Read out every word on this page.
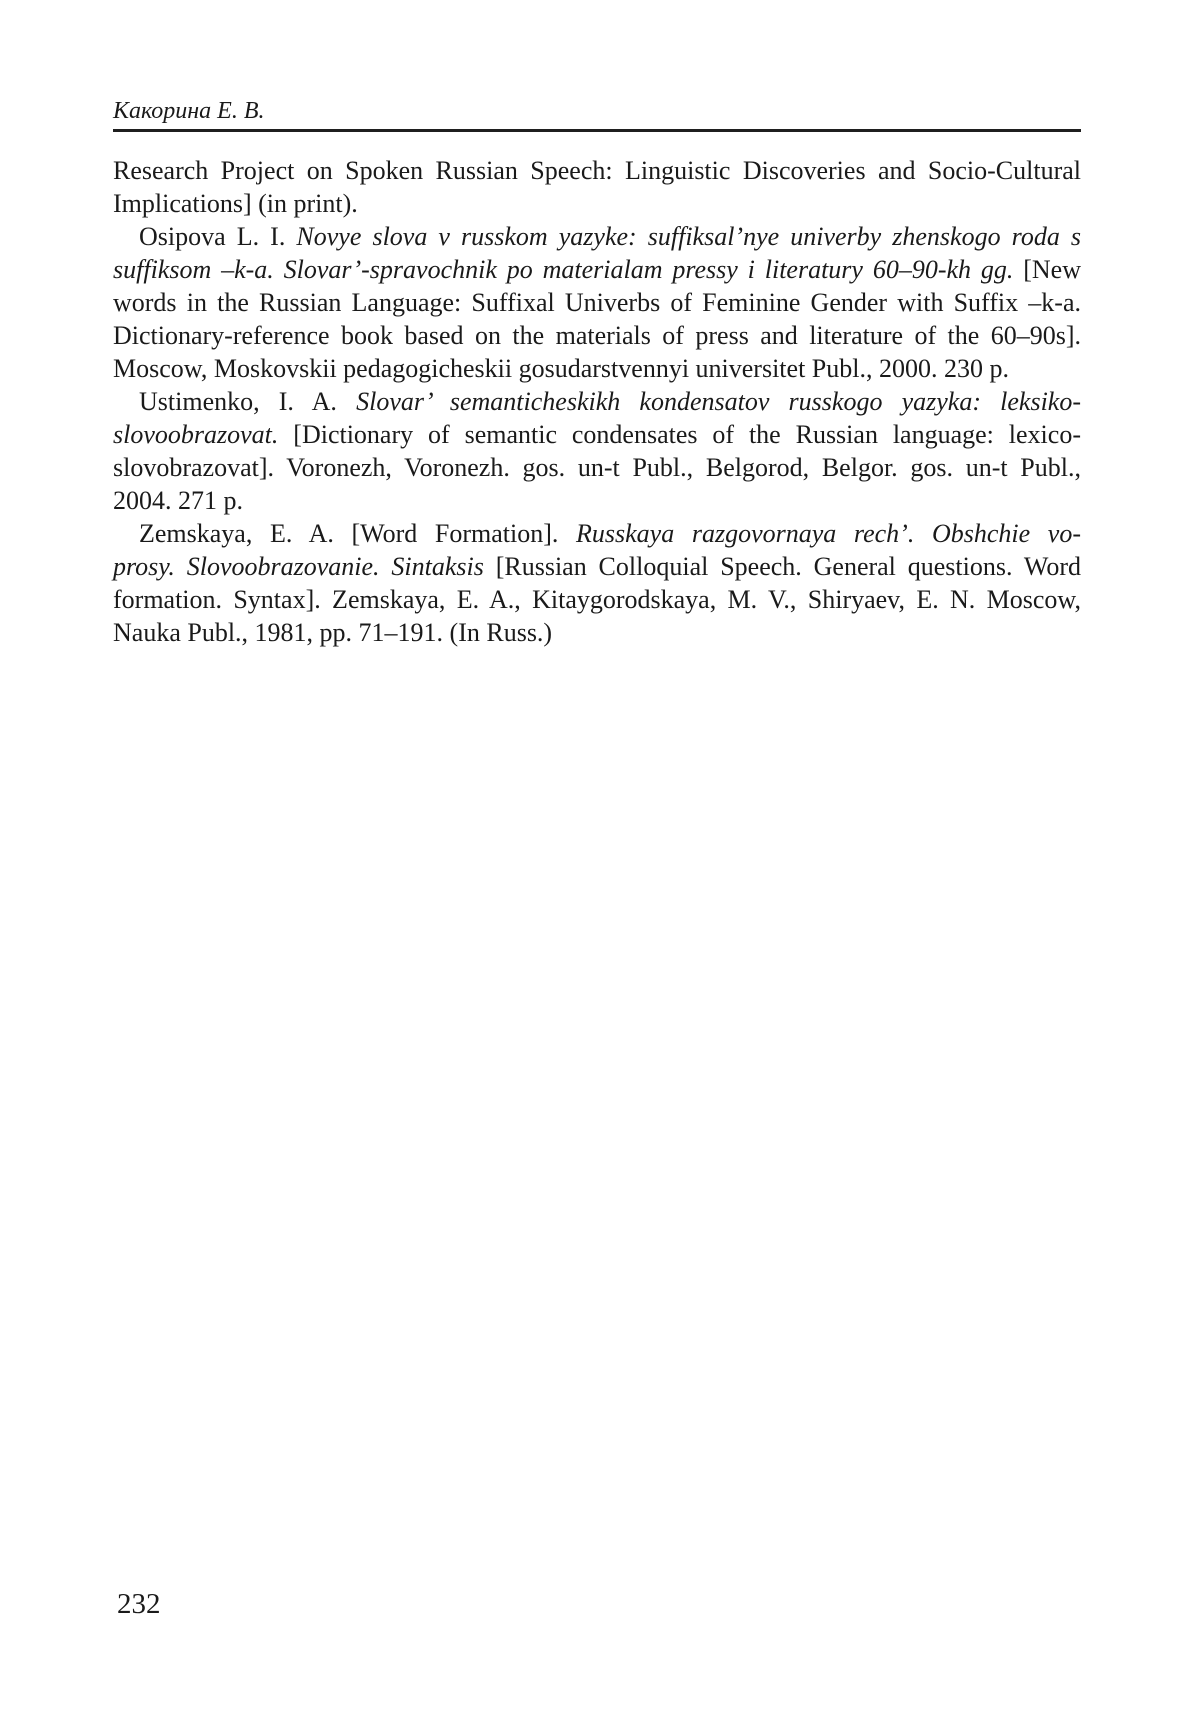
Какорина Е. В.
Research Project on Spoken Russian Speech: Linguistic Discoveries and Socio-Cultural
Implications] (in print).
Osipova L. I. Novye slova v russkom yazyke: suffiksal’nye univerby zhenskogo roda s
suffiksom –k-a. Slovar’-spravochnik po materialam pressy i literatury 60–90-kh gg. [New
words in the Russian Language: Suffixal Univerbs of Feminine Gender with Suffix –k-a.
Dictionary-reference book based on the materials of press and literature of the 60–90s].
Moscow, Moskovskii pedagogicheskii gosudarstvennyi universitet Publ., 2000. 230 p.
Ustimenko, I. A. Slovar’ semanticheskikh kondensatov russkogo yazyka: leksiko-
slovoobrazovat. [Dictionary of semantic condensates of the Russian language: lexico-
slovobrazovat]. Voronezh, Voronezh. gos. un-t Publ., Belgorod, Belgor. gos. un-t Publ.,
2004. 271 p.
Zemskaya, E. A. [Word Formation]. Russkaya razgovornaya rech’. Obshchie vo-
prosy. Slovoobrazovanie. Sintaksis [Russian Colloquial Speech. General questions. Word
formation. Syntax]. Zemskaya, E. A., Kitaygorodskaya, M. V., Shiryaev, E. N. Moscow,
Nauka Publ., 1981, pp. 71–191. (In Russ.)
232
